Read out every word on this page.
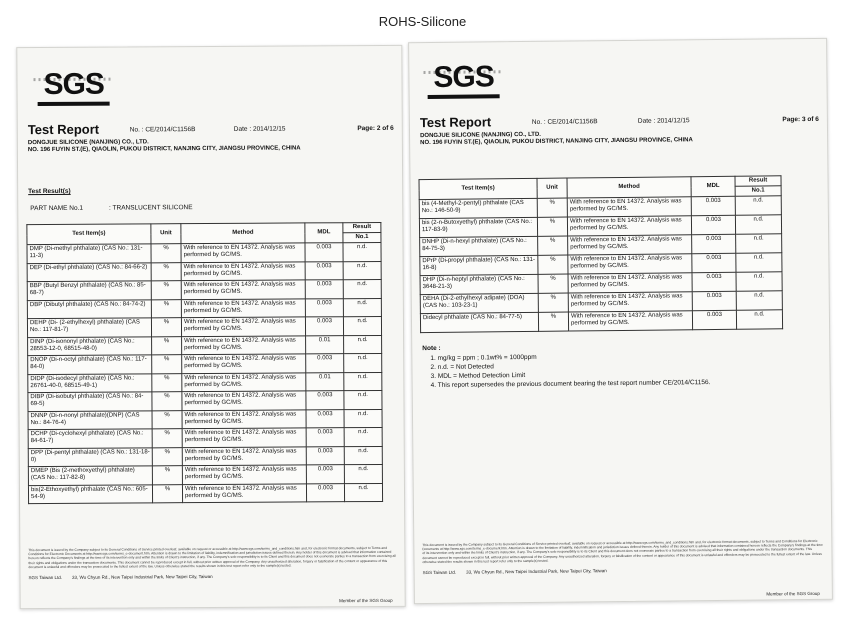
ROHS-Silicone
SGS
Test Report	No. : CE/2014/C1156B	Date : 2014/12/15	Page: 2 of 6
DONGJUE SILICONE (NANJING) CO., LTD.
NO. 196 FUYIN ST.(E), QIAOLIN, PUKOU DISTRICT, NANJING CITY, JIANGSU PROVINCE, CHINA
Test Result(s)
PART NAME No.1	: TRANSLUCENT SILICONE
Test Item(s)	Unit	Method	MDL	Result
				No.1
DMP (Di-methyl phthalate) (CAS No.: 131-11-3)	%	With reference to EN 14372. Analysis was performed by GC/MS.	0.003	n.d.
DEP (Di-ethyl phthalate) (CAS No.: 84-66-2)	%	With reference to EN 14372. Analysis was performed by GC/MS.	0.003	n.d.
BBP (Butyl Benzyl phthalate) (CAS No.: 85-68-7)	%	With reference to EN 14372. Analysis was performed by GC/MS.	0.003	n.d.
DBP (Dibutyl phthalate) (CAS No.: 84-74-2)	%	With reference to EN 14372. Analysis was performed by GC/MS.	0.003	n.d.
DEHP (Di- (2-ethylhexyl) phthalate) (CAS No.: 117-81-7)	%	With reference to EN 14372. Analysis was performed by GC/MS.	0.003	n.d.
DINP (Di-isononyl phthalate) (CAS No.: 28553-12-0, 68515-48-0)	%	With reference to EN 14372. Analysis was performed by GC/MS.	0.01	n.d.
DNOP (Di-n-octyl phthalate) (CAS No.: 117-84-0)	%	With reference to EN 14372. Analysis was performed by GC/MS.	0.003	n.d.
DIDP (Di-isodecyl phthalate) (CAS No.: 26761-40-0, 68515-49-1)	%	With reference to EN 14372. Analysis was performed by GC/MS.	0.01	n.d.
DIBP (Di-isobutyl phthalate) (CAS No.: 84-69-5)	%	With reference to EN 14372. Analysis was performed by GC/MS.	0.003	n.d.
DNNP (Di-n-nonyl phthalate)(DNP) (CAS No.: 84-76-4)	%	With reference to EN 14372. Analysis was performed by GC/MS.	0.003	n.d.
DCHP (Di-cyclohexyl phthalate) (CAS No.: 84-61-7)	%	With reference to EN 14372. Analysis was performed by GC/MS.	0.003	n.d.
DPP (Di-pentyl phthalate) (CAS No.: 131-18-0)	%	With reference to EN 14372. Analysis was performed by GC/MS.	0.003	n.d.
DMEP (Bis (2-methoxyethyl) phthalate) (CAS No.: 117-82-8)	%	With reference to EN 14372. Analysis was performed by GC/MS.	0.003	n.d.
bis(2-Ethoxyethyl) phthalate (CAS No.: 605-54-9)	%	With reference to EN 14372. Analysis was performed by GC/MS.	0.003	n.d.
This document is issued by the Company subject to its General Conditions of Service printed overleaf, available on request or accessible at http://www.sgs.com/terms_and_conditions.htm and, for electronic format documents, subject to Terms and Conditions for Electronic Documents at http://www.sgs.com/terms_e-document.htm. Attention is drawn to the limitation of liability, indemnification and jurisdiction issues defined therein. Any holder of this document is advised that information contained hereon reflects the Company's findings at the time of its intervention only and within the limits of Client's instruction, if any. The Company's sole responsibility is to its Client and this document does not exonerate parties to a transaction from exercising all their rights and obligations under the transaction documents. This document cannot be reproduced except in full, without prior written approval of the Company. Any unauthorized alteration, forgery or falsification of the content or appearance of this document is unlawful and offenders may be prosecuted to the fullest extent of the law. Unless otherwise stated the results shown in this test report refer only to the sample(s) tested.
SGS Taiwan Ltd. 33, Wu Chyun Rd., New Taipei Industrial Park, New Taipei City, Taiwan
Member of the SGS Group
SGS
Test Report	No. : CE/2014/C1156B	Date : 2014/12/15	Page: 3 of 6
DONGJUE SILICONE (NANJING) CO., LTD.
NO. 196 FUYIN ST.(E), QIAOLIN, PUKOU DISTRICT, NANJING CITY, JIANGSU PROVINCE, CHINA
Test Item(s)	Unit	Method	MDL	Result
				No.1
bis (4-Methyl-2-pentyl) phthalate (CAS No.: 146-50-9)	%	With reference to EN 14372. Analysis was performed by GC/MS.	0.003	n.d.
bis (2-n-Butoxyethyl) phthalate (CAS No.: 117-83-9)	%	With reference to EN 14372. Analysis was performed by GC/MS.	0.003	n.d.
DNHP (Di-n-hexyl phthalate) (CAS No.: 84-75-3)	%	With reference to EN 14372. Analysis was performed by GC/MS.	0.003	n.d.
DPrP (Di-propyl phthalate) (CAS No.: 131-16-8)	%	With reference to EN 14372. Analysis was performed by GC/MS.	0.003	n.d.
DHP (Di-n-heptyl phthalate) (CAS No.: 3648-21-3)	%	With reference to EN 14372. Analysis was performed by GC/MS.	0.003	n.d.
DEHA (Di-2-ethylhexyl adipate) (DOA) (CAS No.: 103-23-1)	%	With reference to EN 14372. Analysis was performed by GC/MS.	0.003	n.d.
Didecyl phthalate (CAS No.: 84-77-5)	%	With reference to EN 14372. Analysis was performed by GC/MS.	0.003	n.d.
Note :
1. mg/kg = ppm ; 0.1wt% = 1000ppm
2. n.d. = Not Detected
3. MDL = Method Detection Limit
4. This report supersedes the previous document bearing the test report number CE/2014/C1156.
This document is issued by the Company subject to its General Conditions of Service printed overleaf, available on request or accessible at http://www.sgs.com/terms_and_conditions.htm and, for electronic format documents, subject to Terms and Conditions for Electronic Documents at http://www.sgs.com/terms_e-document.htm. Attention is drawn to the limitation of liability, indemnification and jurisdiction issues defined therein. Any holder of this document is advised that information contained hereon reflects the Company's findings at the time of its intervention only and within the limits of Client's instruction, if any. The Company's sole responsibility is to its Client and this document does not exonerate parties to a transaction from exercising all their rights and obligations under the transaction documents. This document cannot be reproduced except in full, without prior written approval of the Company. Any unauthorized alteration, forgery or falsification of the content or appearance of this document is unlawful and offenders may be prosecuted to the fullest extent of the law. Unless otherwise stated the results shown in this test report refer only to the sample(s) tested.
SGS Taiwan Ltd. 33, Wu Chyun Rd., New Taipei Industrial Park, New Taipei City, Taiwan
Member of the SGS Group
